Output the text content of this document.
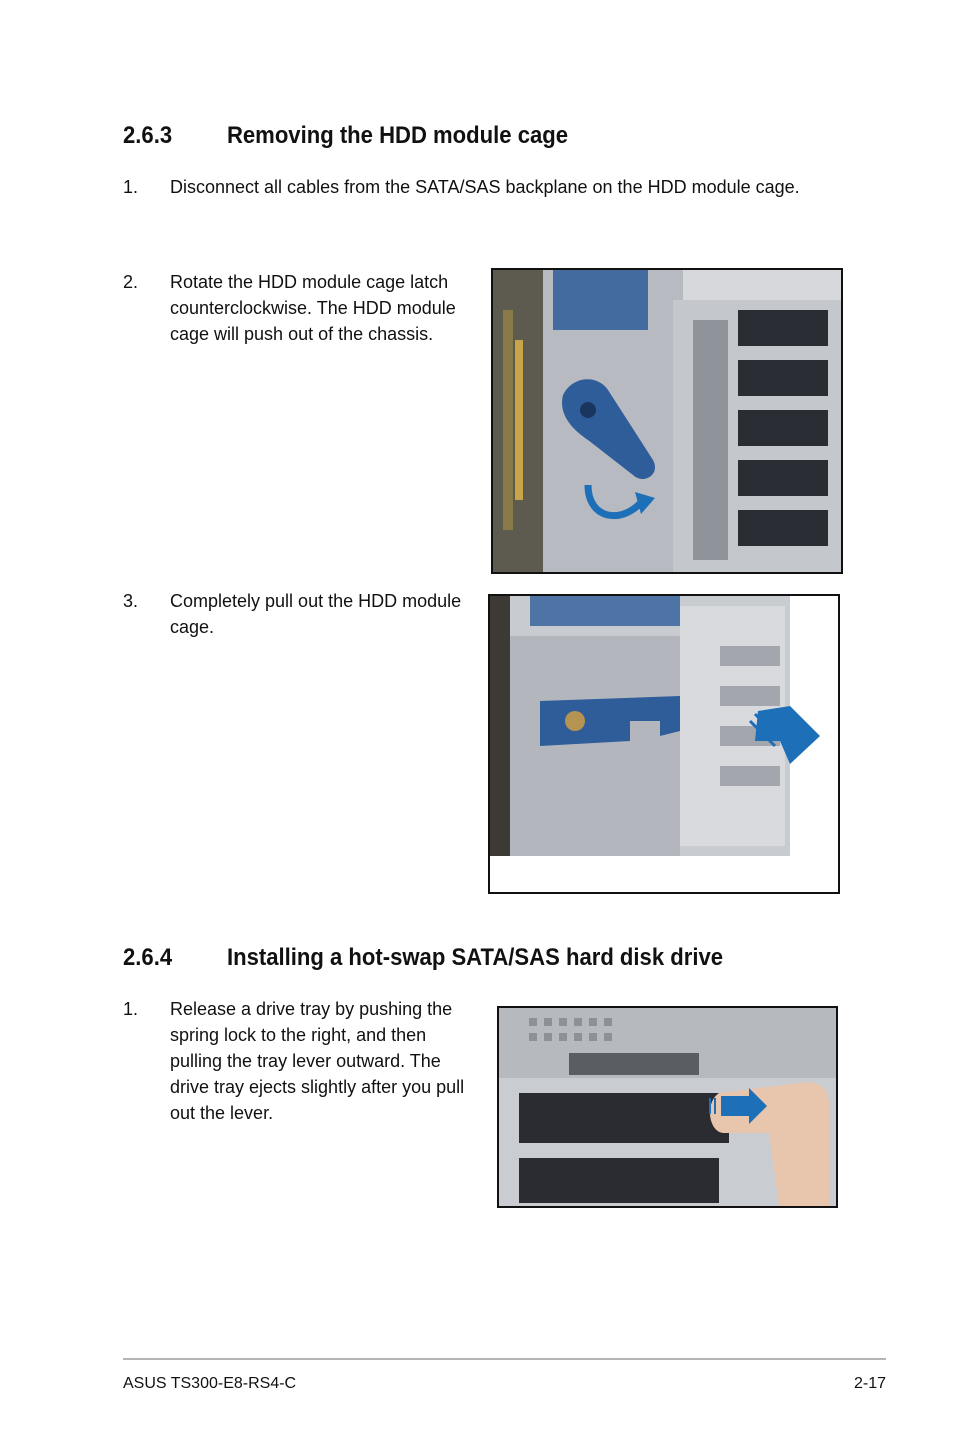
2.6.3 Removing the HDD module cage
1. Disconnect all cables from the SATA/SAS backplane on the HDD module cage.
2. Rotate the HDD module cage latch counterclockwise. The HDD module cage will push out of the chassis.
3. Completely pull out the HDD module cage.
2.6.4 Installing a hot-swap SATA/SAS hard disk drive
1. Release a drive tray by pushing the spring lock to the right, and then pulling the tray lever outward. The drive tray ejects slightly after you pull out the lever.
ASUS TS300-E8-RS4-C	2-17
